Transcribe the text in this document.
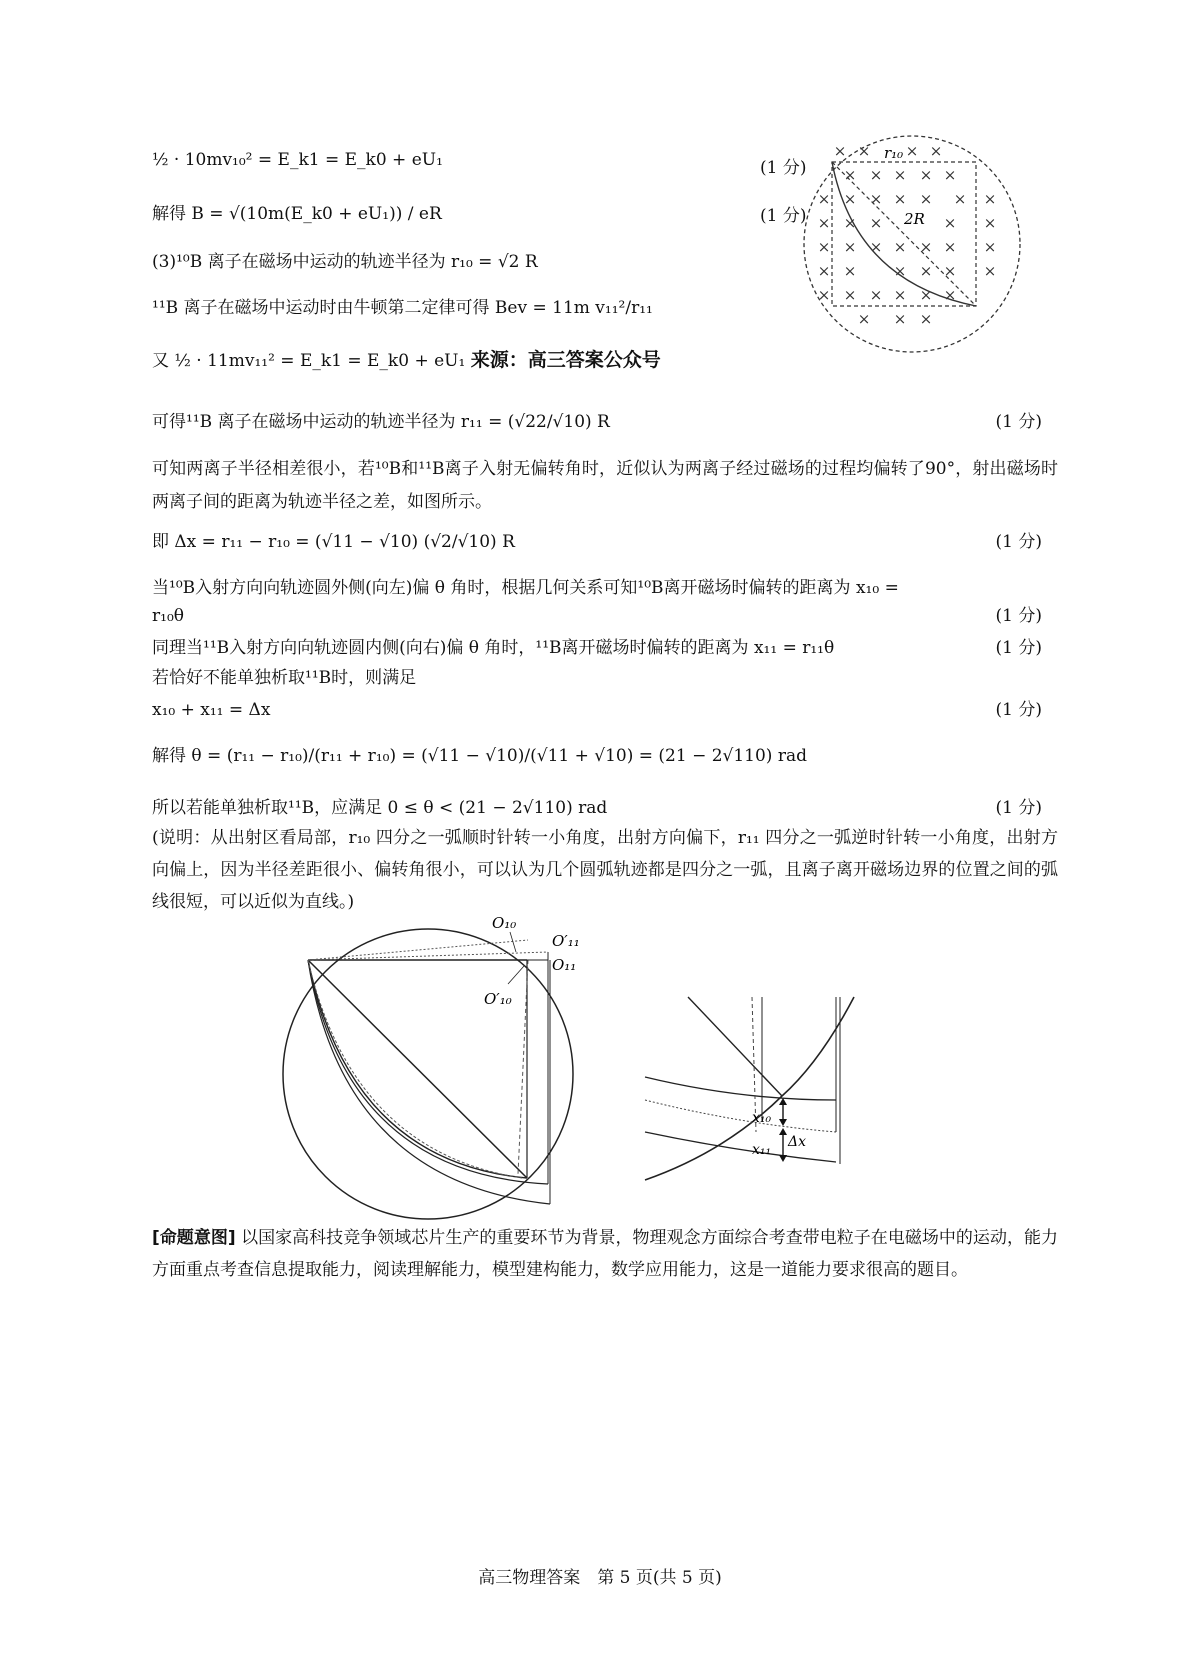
½ · 10mv₁₀² = E_k1 = E_k0 + eU₁	(1 分)
解得 B = √(10m(E_k0 + eU₁)) / eR	(1 分)
(3)¹⁰B 离子在磁场中运动的轨迹半径为 r₁₀ = √2 R
¹¹B 离子在磁场中运动时由牛顿第二定律可得 Bev = 11m v₁₁²/r₁₁
又 ½ · 11mv₁₁² = E_k1 = E_k0 + eU₁ 来源：高三答案公众号
可得¹¹B 离子在磁场中运动的轨迹半径为 r₁₁ = (√22/√10) R	(1 分)
可知两离子半径相差很小，若¹⁰B和¹¹B离子入射无偏转角时，近似认为两离子经过磁场的过程均偏转了90°，射出磁场时两离子间的距离为轨迹半径之差，如图所示。
即 Δx = r₁₁ − r₁₀ = (√11 − √10) (√2/√10) R	(1 分)
当¹⁰B入射方向向轨迹圆外侧(向左)偏 θ 角时，根据几何关系可知¹⁰B离开磁场时偏转的距离为 x₁₀ =
r₁₀θ	(1 分)
同理当¹¹B入射方向向轨迹圆内侧(向右)偏 θ 角时，¹¹B离开磁场时偏转的距离为 x₁₁ = r₁₁θ	(1 分)
若恰好不能单独析取¹¹B时，则满足
x₁₀ + x₁₁ = Δx	(1 分)
解得 θ = (r₁₁ − r₁₀)/(r₁₁ + r₁₀) = (√11 − √10)/(√11 + √10) = (21 − 2√110) rad
所以若能单独析取¹¹B，应满足 0 ≤ θ < (21 − 2√110) rad	(1 分)
(说明：从出射区看局部，r₁₀ 四分之一弧顺时针转一小角度，出射方向偏下，r₁₁ 四分之一弧逆时针转一小角度，出射方向偏上，因为半径差距很小、偏转角很小，可以认为几个圆弧轨迹都是四分之一弧，且离子离开磁场边界的位置之间的弧线很短，可以近似为直线。)
× × × ×
× × × × ×
× × × × × × ×
× × ×	× ×
× × × × × × ×
× × × × × ×
× × × × × ×
× × ×
r₁₀
2R
O₁₀
O′₁₁
O₁₁
O′₁₀
x₁₀
x₁₁ Δx
[命题意图] 以国家高科技竞争领域芯片生产的重要环节为背景，物理观念方面综合考查带电粒子在电磁场中的运动，能力方面重点考查信息提取能力，阅读理解能力，模型建构能力，数学应用能力，这是一道能力要求很高的题目。
高三物理答案　第 5 页(共 5 页)
